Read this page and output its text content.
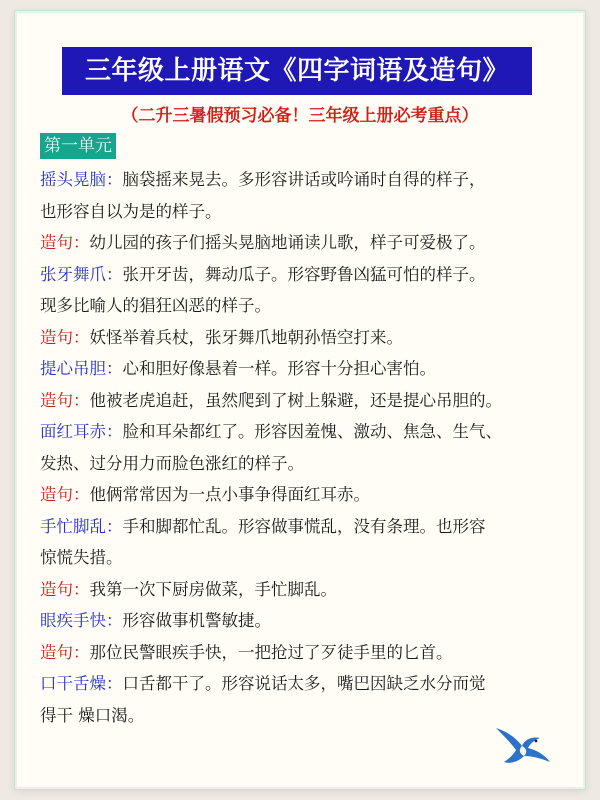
三年级上册语文《四字词语及造句》
（二升三暑假预习必备！三年级上册必考重点）
第一单元
摇头晃脑：脑袋摇来晃去。多形容讲话或吟诵时自得的样子，
也形容自以为是的样子。
造句：幼儿园的孩子们摇头晃脑地诵读儿歌，样子可爱极了。
张牙舞爪：张开牙齿，舞动瓜子。形容野鲁凶猛可怕的样子。
现多比喻人的猖狂凶恶的样子。
造句：妖怪举着兵杖，张牙舞爪地朝孙悟空打来。
提心吊胆：心和胆好像悬着一样。形容十分担心害怕。
造句：他被老虎追赶，虽然爬到了树上躲避，还是提心吊胆的。
面红耳赤：脸和耳朵都红了。形容因羞愧、激动、焦急、生气、
发热、过分用力而脸色涨红的样子。
造句：他俩常常因为一点小事争得面红耳赤。
手忙脚乱：手和脚都忙乱。形容做事慌乱，没有条理。也形容
惊慌失措。
造句：我第一次下厨房做菜，手忙脚乱。
眼疾手快：形容做事机警敏捷。
造句：那位民警眼疾手快，一把抢过了歹徒手里的匕首。
口干舌燥：口舌都干了。形容说话太多，嘴巴因缺乏水分而觉
得干 燥口渴。
